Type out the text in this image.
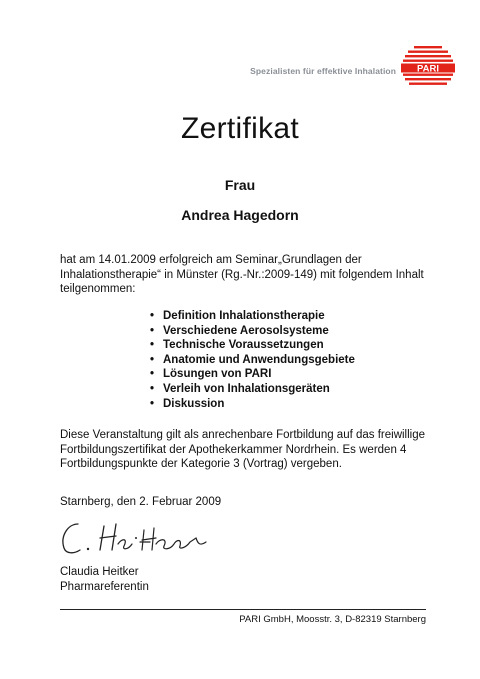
Spezialisten für effektive Inhalation PARI
Zertifikat
Frau
Andrea Hagedorn
hat am 14.01.2009 erfolgreich am Seminar„Grundlagen der Inhalationstherapie“ in Münster (Rg.-Nr.:2009-149) mit folgendem Inhalt teilgenommen:
• Definition Inhalationstherapie
• Verschiedene Aerosolsysteme
• Technische Voraussetzungen
• Anatomie und Anwendungsgebiete
• Lösungen von PARI
• Verleih von Inhalationsgeräten
• Diskussion
Diese Veranstaltung gilt als anrechenbare Fortbildung auf das freiwillige Fortbildungszertifikat der Apothekerkammer Nordrhein. Es werden 4 Fortbildungspunkte der Kategorie 3 (Vortrag) vergeben.
Starnberg, den 2. Februar 2009
Claudia Heitker
Pharmareferentin
PARI GmbH, Moosstr. 3, D-82319 Starnberg
